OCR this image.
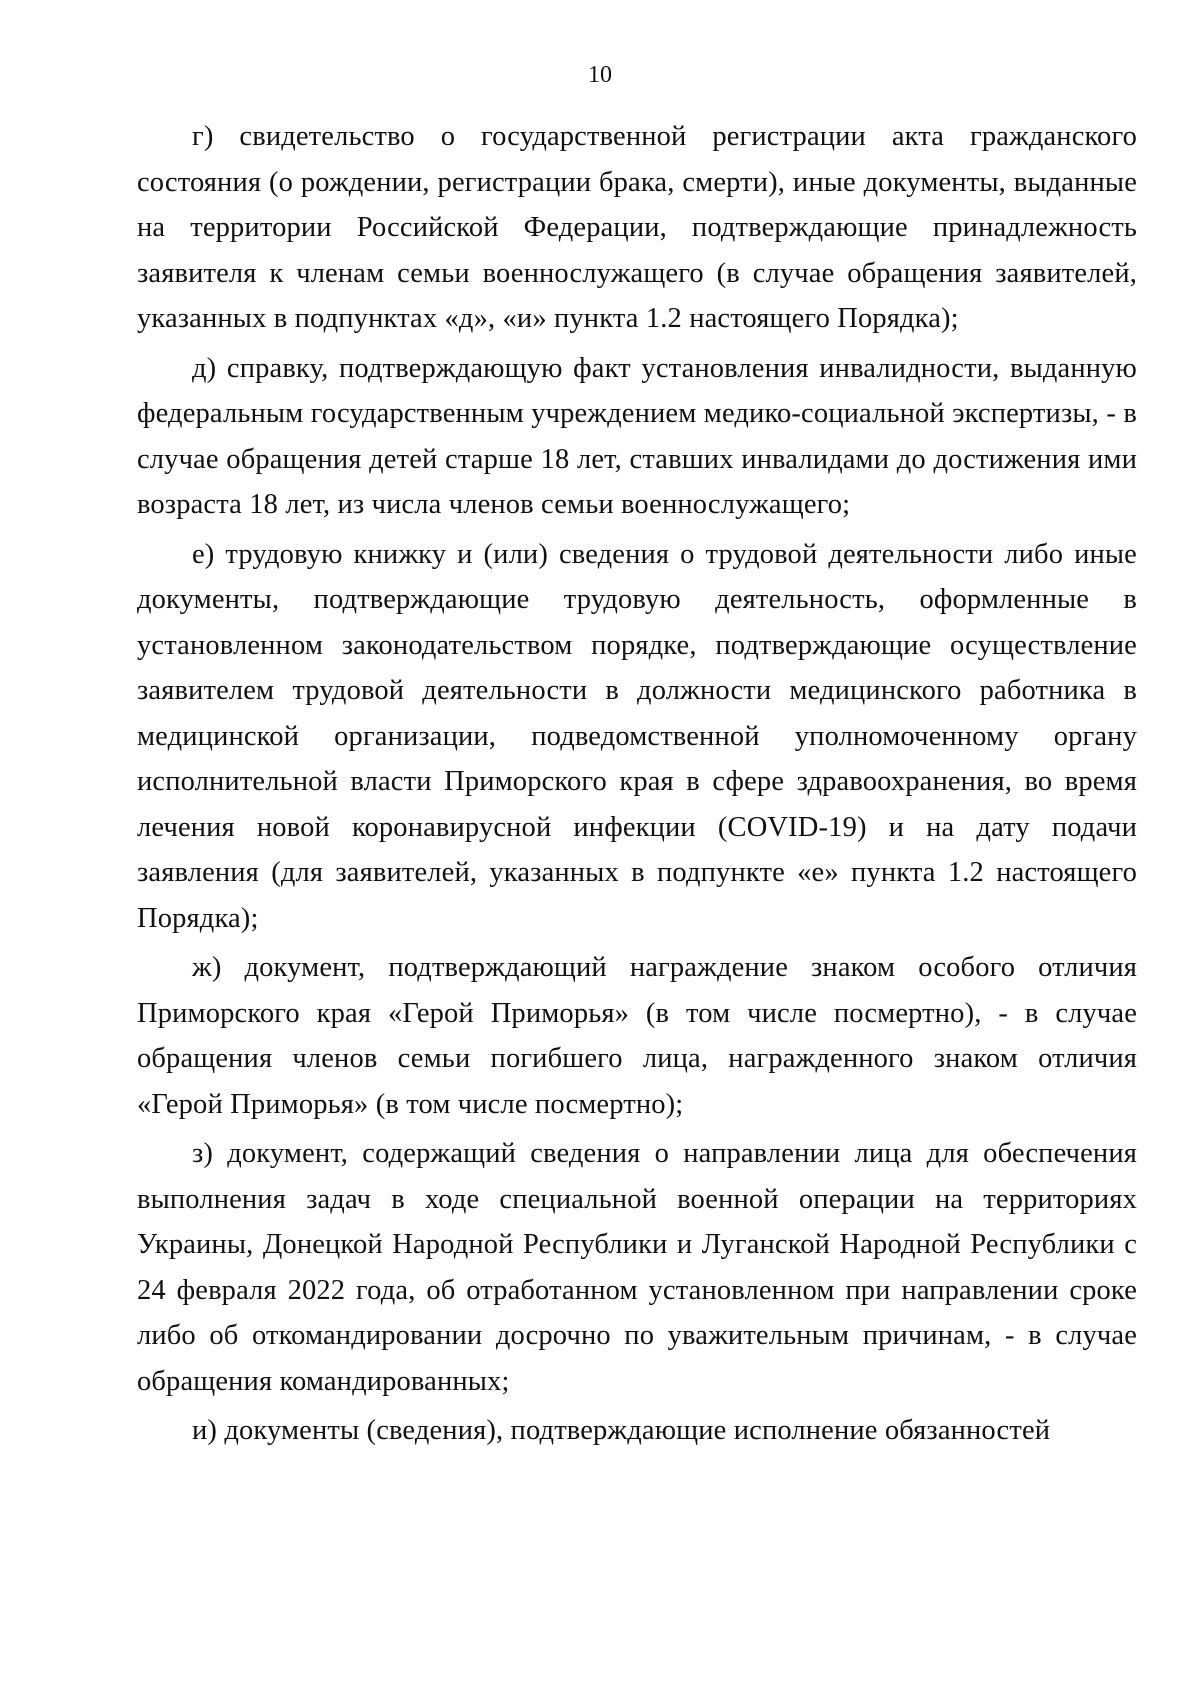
10

г) свидетельство о государственной регистрации акта гражданского состояния (о рождении, регистрации брака, смерти), иные документы, выданные на территории Российской Федерации, подтверждающие принадлежность заявителя к членам семьи военнослужащего (в случае обращения заявителей, указанных в подпунктах «д», «и» пункта 1.2 настоящего Порядка);

д) справку, подтверждающую факт установления инвалидности, выданную федеральным государственным учреждением медико-социальной экспертизы, - в случае обращения детей старше 18 лет, ставших инвалидами до достижения ими возраста 18 лет, из числа членов семьи военнослужащего;

е) трудовую книжку и (или) сведения о трудовой деятельности либо иные документы, подтверждающие трудовую деятельность, оформленные в установленном законодательством порядке, подтверждающие осуществление заявителем трудовой деятельности в должности медицинского работника в медицинской организации, подведомственной уполномоченному органу исполнительной власти Приморского края в сфере здравоохранения, во время лечения новой коронавирусной инфекции (COVID-19) и на дату подачи заявления (для заявителей, указанных в подпункте «е» пункта 1.2 настоящего Порядка);

ж) документ, подтверждающий награждение знаком особого отличия Приморского края «Герой Приморья» (в том числе посмертно), - в случае обращения членов семьи погибшего лица, награжденного знаком отличия «Герой Приморья» (в том числе посмертно);

з) документ, содержащий сведения о направлении лица для обеспечения выполнения задач в ходе специальной военной операции на территориях Украины, Донецкой Народной Республики и Луганской Народной Республики с 24 февраля 2022 года, об отработанном установленном при направлении сроке либо об откомандировании досрочно по уважительным причинам, - в случае обращения командированных;

и) документы (сведения), подтверждающие исполнение обязанностей
